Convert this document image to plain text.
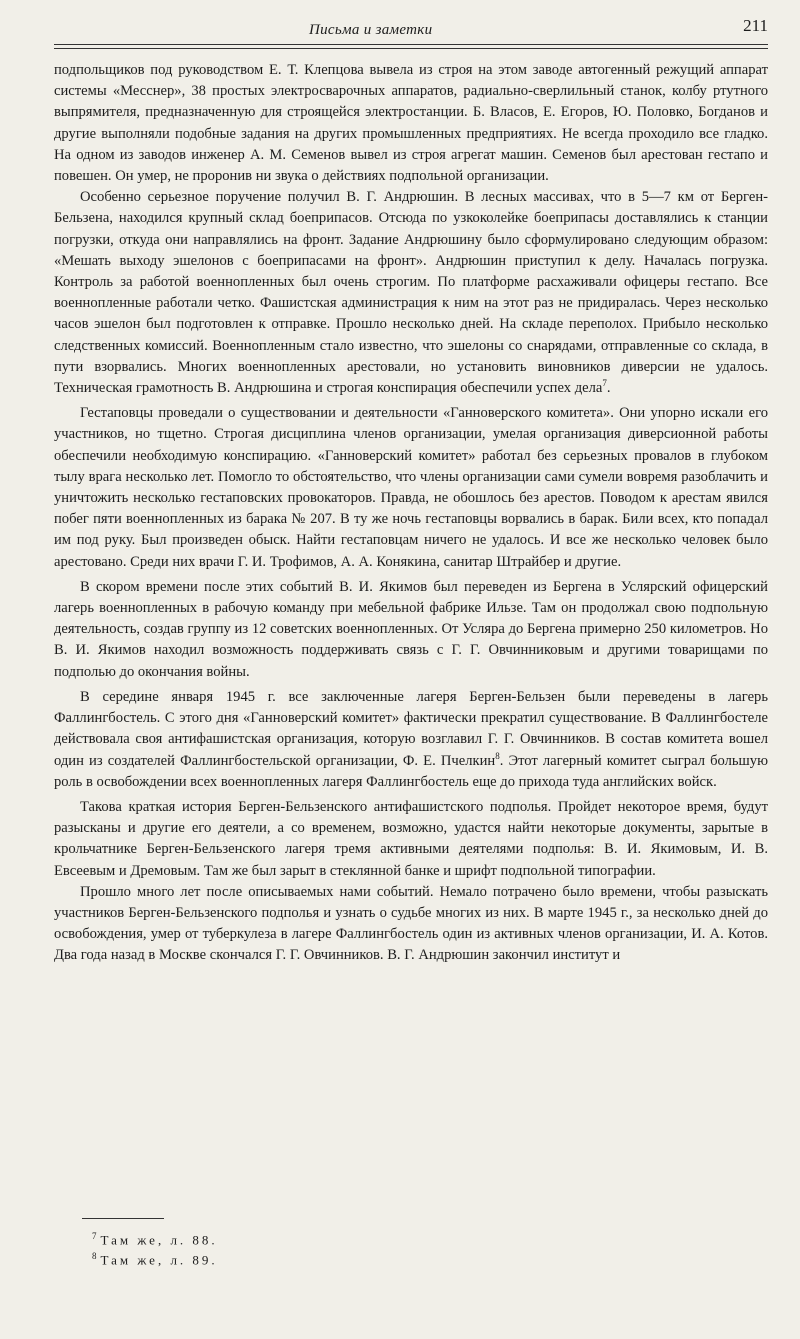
Письма и заметки	211

подпольщиков под руководством Е. Т. Клепцова вывела из строя на этом заводе автогенный режущий аппарат системы «Месснер», 38 простых электросварочных аппаратов, радиально-сверлильный станок, колбу ртутного выпрямителя, предназначенную для строящейся электростанции. Б. Власов, Е. Егоров, Ю. Половко, Богданов и другие выполняли подобные задания на других промышленных предприятиях. Не всегда проходило все гладко. На одном из заводов инженер А. М. Семенов вывел из строя агрегат машин. Семенов был арестован гестапо и повешен. Он умер, не проронив ни звука о действиях подпольной организации.

Особенно серьезное поручение получил В. Г. Андрюшин. В лесных массивах, что в 5—7 км от Берген-Бельзена, находился крупный склад боеприпасов. Отсюда по узкоколейке боеприпасы доставлялись к станции погрузки, откуда они направлялись на фронт. Задание Андрюшину было сформулировано следующим образом: «Мешать выходу эшелонов с боеприпасами на фронт». Андрюшин приступил к делу. Началась погрузка. Контроль за работой военнопленных был очень строгим. По платформе расхаживали офицеры гестапо. Все военнопленные работали четко. Фашистская администрация к ним на этот раз не придиралась. Через несколько часов эшелон был подготовлен к отправке. Прошло несколько дней. На складе переполох. Прибыло несколько следственных комиссий. Военнопленным стало известно, что эшелоны со снарядами, отправленные со склада, в пути взорвались. Многих военнопленных арестовали, но установить виновников диверсии не удалось. Техническая грамотность В. Андрюшина и строгая конспирация обеспечили успех дела$^7$.

Гестаповцы проведали о существовании и деятельности «Ганноверского комитета». Они упорно искали его участников, но тщетно. Строгая дисциплина членов организации, умелая организация диверсионной работы обеспечили необходимую конспирацию. «Ганноверский комитет» работал без серьезных провалов в глубоком тылу врага несколько лет. Помогло то обстоятельство, что члены организации сами сумели вовремя разоблачить и уничтожить несколько гестаповских провокаторов. Правда, не обошлось без арестов. Поводом к арестам явился побег пяти военнопленных из барака № 207. В ту же ночь гестаповцы ворвались в барак. Били всех, кто попадал им под руку. Был произведен обыск. Найти гестаповцам ничего не удалось. И все же несколько человек было арестовано. Среди них врачи Г. И. Трофимов, А. А. Конякина, санитар Штрайбер и другие.

В скором времени после этих событий В. И. Якимов был переведен из Бергена в Услярский офицерский лагерь военнопленных в рабочую команду при мебельной фабрике Ильзе. Там он продолжал свою подпольную деятельность, создав группу из 12 советских военнопленных. От Усляра до Бергена примерно 250 километров. Но В. И. Якимов находил возможность поддерживать связь с Г. Г. Овчинниковым и другими товарищами по подполью до окончания войны.

В середине января 1945 г. все заключенные лагеря Берген-Бельзен были переведены в лагерь Фаллингбостель. С этого дня «Ганноверский комитет» фактически прекратил существование. В Фаллингбостеле действовала своя антифашистская организация, которую возглавил Г. Г. Овчинников. В состав комитета вошел один из создателей Фаллингбостельской организации, Ф. Е. Пчелкин$^8$. Этот лагерный комитет сыграл большую роль в освобождении всех военнопленных лагеря Фаллингбостель еще до прихода туда английских войск.

Такова краткая история Берген-Бельзенского антифашистского подполья. Пройдет некоторое время, будут разысканы и другие его деятели, а со временем, возможно, удастся найти некоторые документы, зарытые в крольчатнике Берген-Бельзенского лагеря тремя активными деятелями подполья: В. И. Якимовым, И. В. Евсеевым и Дремовым. Там же был зарыт в стеклянной банке и шрифт подпольной типографии.

Прошло много лет после описываемых нами событий. Немало потрачено было времени, чтобы разыскать участников Берген-Бельзенского подполья и узнать о судьбе многих из них. В марте 1945 г., за несколько дней до освобождения, умер от туберкулеза в лагере Фаллингбостель один из активных членов организации, И. А. Котов. Два года назад в Москве скончался Г. Г. Овчинников. В. Г. Андрюшин закончил институт и

$^7$ Там же, л. 88.
$^8$ Там же, л. 89.
